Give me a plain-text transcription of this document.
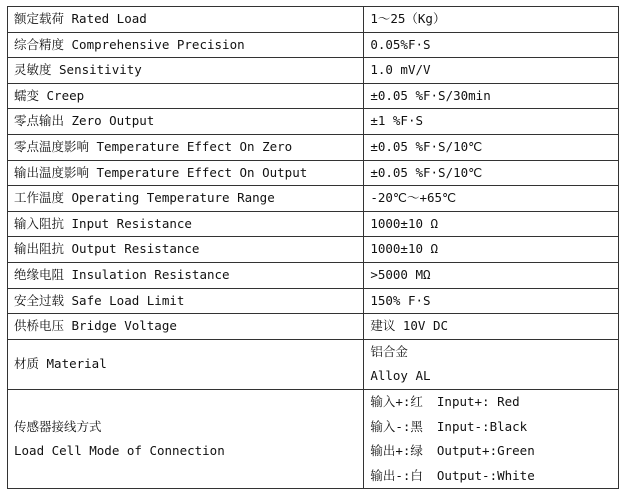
额定载荷 Rated Load	1～25（Kg）
综合精度 Comprehensive Precision	0.05%F·S
灵敏度 Sensitivity	1.0 mV/V
蠕变 Creep	±0.05 %F·S/30min
零点输出 Zero Output	±1 %F·S
零点温度影响 Temperature Effect On Zero	±0.05 %F·S/10℃
输出温度影响 Temperature Effect On Output	±0.05 %F·S/10℃
工作温度 Operating Temperature Range	-20℃～+65℃
输入阻抗 Input Resistance	1000±10 Ω
输出阻抗 Output Resistance	1000±10 Ω
绝缘电阻 Insulation Resistance	>5000 MΩ
安全过载 Safe Load Limit	150% F·S
供桥电压 Bridge Voltage	建议 10V DC
材质 Material	铝合金
Alloy AL

传感器接线方式
Load Cell Mode of Connection	输入+:红 Input+: Red
输入-:黑 Input-:Black
输出+:绿 Output+:Green
输出-:白 Output-:White
